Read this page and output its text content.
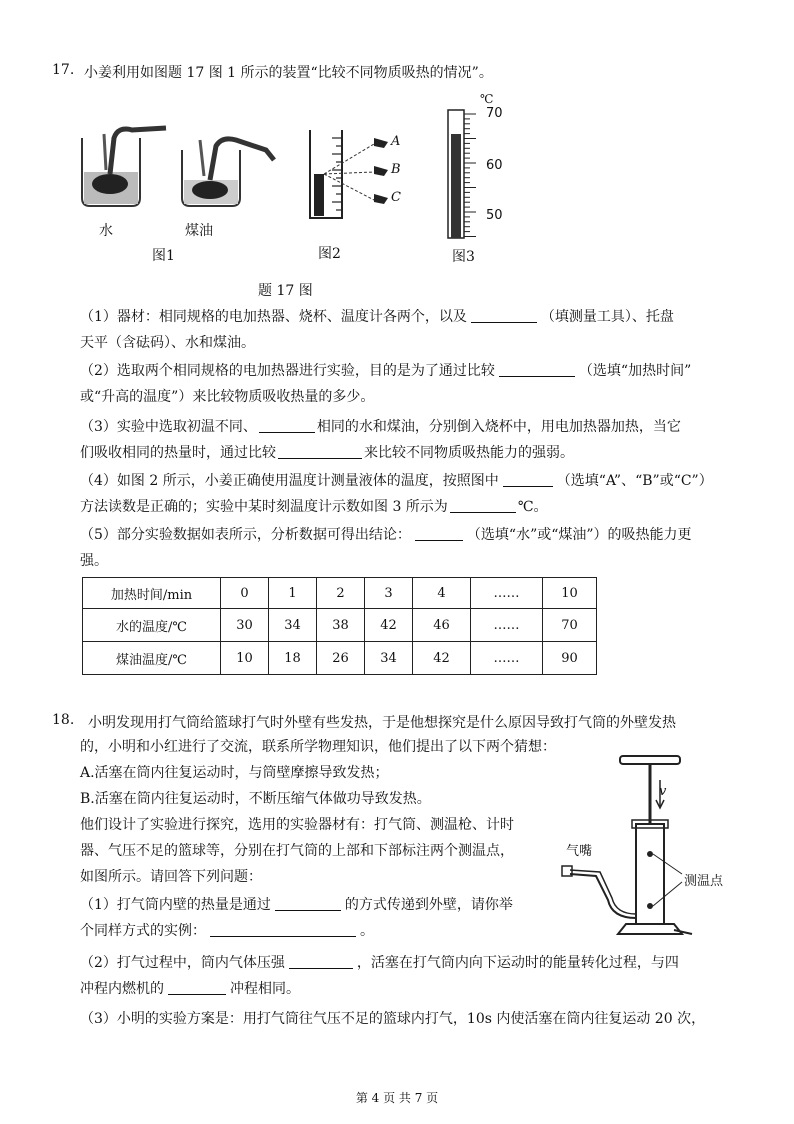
17. 小姜利用如图题 17 图 1 所示的装置“比较不同物质吸热的情况”。
水	煤油
图1
A
B
C
图2
℃
70
60
50
图3
题 17 图
（1）器材：相同规格的电加热器、烧杯、温度计各两个，以及	（填测量工具）、托盘
天平（含砝码）、水和煤油。
（2）选取两个相同规格的电加热器进行实验，目的是为了通过比较	（选填“加热时间”
或“升高的温度”）来比较物质吸收热量的多少。
（3）实验中选取初温不同、	相同的水和煤油，分别倒入烧杯中，用电加热器加热，当它
们吸收相同的热量时，通过比较	来比较不同物质吸热能力的强弱。
（4）如图 2 所示，小姜正确使用温度计测量液体的温度，按照图中	（选填“A”、“B”或“C”）
方法读数是正确的；实验中某时刻温度计示数如图 3 所示为	℃。
（5）部分实验数据如表所示，分析数据可得出结论：	（选填“水”或“煤油”）的吸热能力更
强。
加热时间/min	0	1	2	3	4	……	10
水的温度/℃	30	34	38	42	46	……	70
煤油温度/℃	10	18	26	34	42	……	90
18. 小明发现用打气筒给篮球打气时外壁有些发热，于是他想探究是什么原因导致打气筒的外壁发热
的，小明和小红进行了交流，联系所学物理知识，他们提出了以下两个猜想：
A.活塞在筒内往复运动时，与筒壁摩擦导致发热；
B.活塞在筒内往复运动时，不断压缩气体做功导致发热。
他们设计了实验进行探究，选用的实验器材有：打气筒、测温枪、计时
器、气压不足的篮球等，分别在打气筒的上部和下部标注两个测温点，
如图所示。请回答下列问题：
（1）打气筒内壁的热量是通过	的方式传递到外壁，请你举
个同样方式的实例：	。
（2）打气过程中，筒内气体压强	，活塞在打气筒内向下运动时的能量转化过程，与四
冲程内燃机的	冲程相同。
（3）小明的实验方案是：用打气筒往气压不足的篮球内打气，10s 内使活塞在筒内往复运动 20 次，
v
气嘴
测温点
第 4 页 共 7 页
